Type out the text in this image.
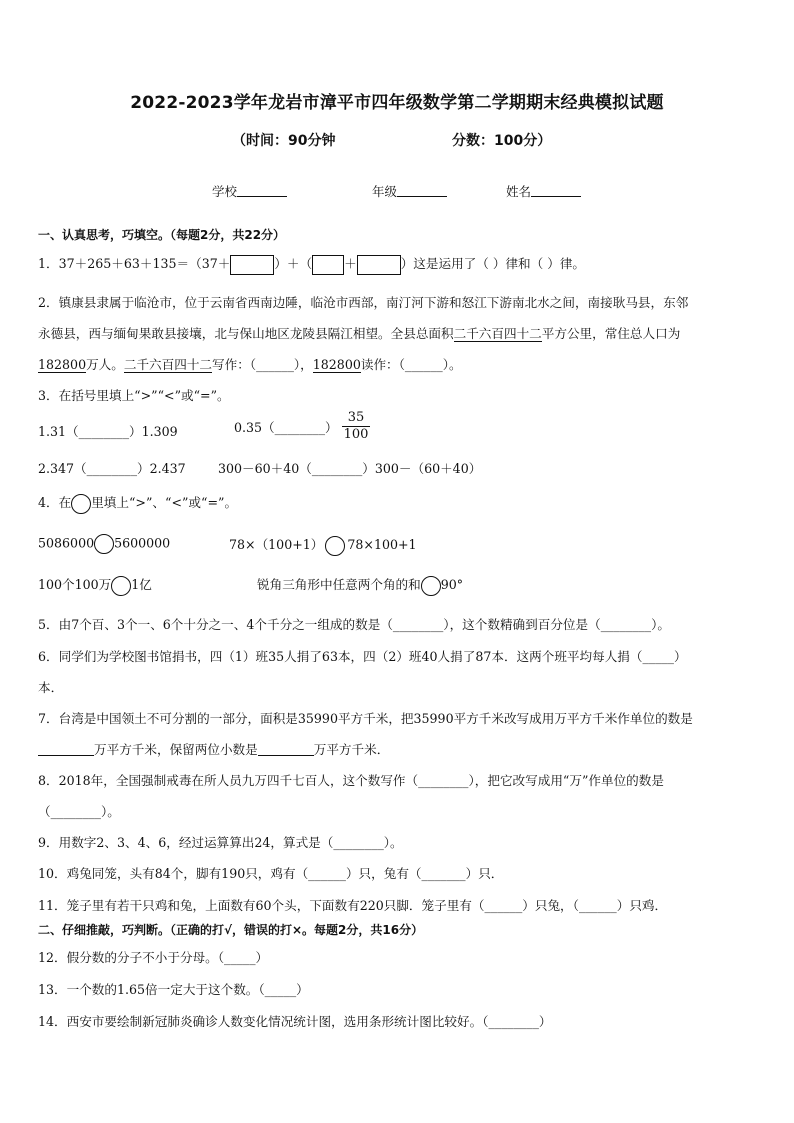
2022-2023学年龙岩市漳平市四年级数学第二学期期末经典模拟试题
（时间：90分钟	分数：100分）
学校	年级	姓名
一、认真思考，巧填空。（每题2分，共22分）
1．37＋265＋63＋135＝（37＋	）＋（	＋	）这是运用了（ ）律和（ ）律。
2．镇康县隶属于临沧市，位于云南省西南边陲，临沧市西部，南汀河下游和怒江下游南北水之间，南接耿马县，东邻
永德县，西与缅甸果敢县接壤，北与保山地区龙陵县隔江相望。全县总面积二千六百四十二平方公里，常住总人口为
182800万人。二千六百四十二写作：（______），182800读作：（______）。
3．在括号里填上“>”“<”或“=”。
1.31（________）1.309	0.35（________） $\frac{35}{100}$
2.347（________）2.437	300－60＋40（________）300－（60＋40）
4．在 里填上“>”、“<”或“=”。
5086000 5600000	78×（100+1） 78×100+1
100个100万 1亿	锐角三角形中任意两个角的和 90°
5．由7个百、3个一、6个十分之一、4个千分之一组成的数是（________），这个数精确到百分位是（________）。
6．同学们为学校图书馆捐书，四（1）班35人捐了63本，四（2）班40人捐了87本．这两个班平均每人捐（_____）
本．
7．台湾是中国领土不可分割的一部分，面积是35990平方千米，把35990平方千米改写成用万平方千米作单位的数是
万平方千米，保留两位小数是	万平方千米．
8．2018年，全国强制戒毒在所人员九万四千七百人，这个数写作（________），把它改写成用“万”作单位的数是
（________）。
9．用数字2、3、4、6，经过运算算出24，算式是（________）。
10．鸡兔同笼，头有84个，脚有190只，鸡有（______）只，兔有（_______）只．
11．笼子里有若干只鸡和兔，上面数有60个头，下面数有220只脚．笼子里有（______）只兔，（______）只鸡．
二、仔细推敲，巧判断。（正确的打√，错误的打×。每题2分，共16分）
12．假分数的分子不小于分母。（_____）
13．一个数的1.65倍一定大于这个数。（_____）
14．西安市要绘制新冠肺炎确诊人数变化情况统计图，选用条形统计图比较好。（________）
